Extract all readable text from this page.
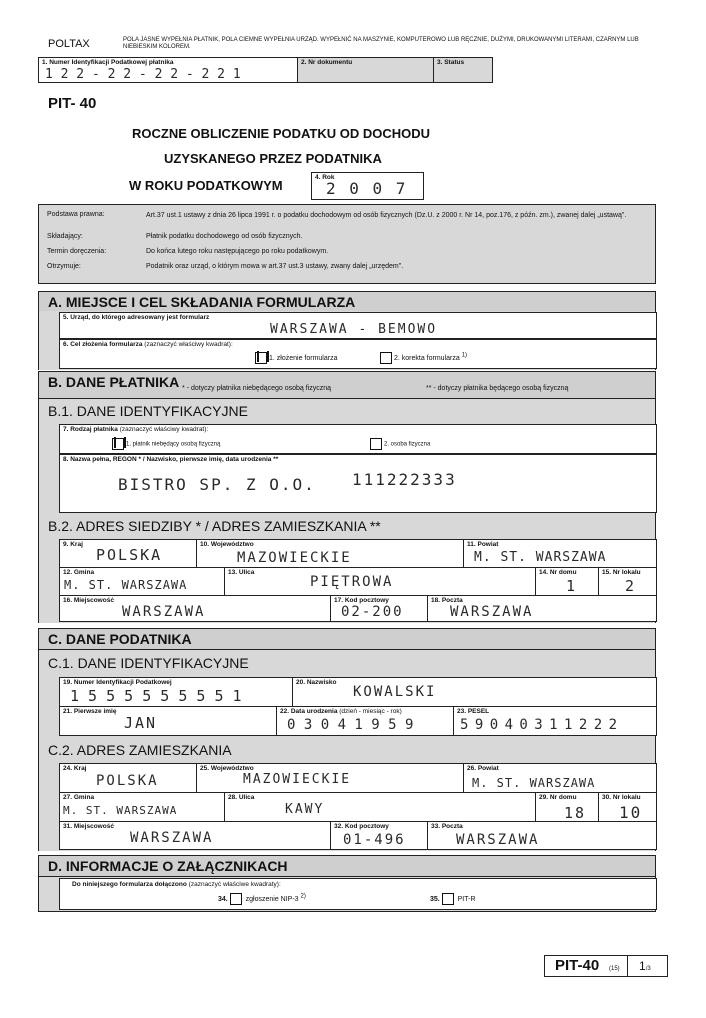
POLTAX	POLA JASNE WYPEŁNIA PŁATNIK, POLA CIEMNE WYPEŁNIA URZĄD. WYPEŁNIĆ NA MASZYNIE, KOMPUTEROWO LUB RĘCZNIE, DUŻYMI, DRUKOWANYMI LITERAMI, CZARNYM LUB NIEBIESKIM KOLOREM.
1. Numer Identyfikacji Podatkowej płatnika
1 2 2 - 2 2 - 2 2 - 2 2 1
2. Nr dokumentu	3. Status
PIT- 40
ROCZNE OBLICZENIE PODATKU OD DOCHODU
UZYSKANEGO PRZEZ PODATNIKA
W ROKU PODATKOWYM
4. Rok
2 0 0 7
Podstawa prawna:	Art.37 ust.1 ustawy z dnia 26 lipca 1991 r. o podatku dochodowym od osób fizycznych (Dz.U. z 2000 r. Nr 14, poz.176, z późn. zm.), zwanej dalej „ustawą".
Składający:	Płatnik podatku dochodowego od osób fizycznych.
Termin doręczenia:	Do końca lutego roku następującego po roku podatkowym.
Otrzymuje:	Podatnik oraz urząd, o którym mowa w art.37 ust.3 ustawy, zwany dalej „urzędem".
A. MIEJSCE I CEL SKŁADANIA FORMULARZA
5. Urząd, do którego adresowany jest formularz
WARSZAWA - BEMOWO
6. Cel złożenia formularza (zaznaczyć właściwy kwadrat):
1. złożenie formularza	2. korekta formularza $^{1)}$
B. DANE PŁATNIKA * - dotyczy płatnika niebędącego osobą fizyczną	** - dotyczy płatnika będącego osobą fizyczną
B.1. DANE IDENTYFIKACYJNE
7. Rodzaj płatnika (zaznaczyć właściwy kwadrat):
1. płatnik niebędący osobą fizyczną	2. osoba fizyczna
8. Nazwa pełna, REGON * / Nazwisko, pierwsze imię, data urodzenia **
BISTRO SP. Z O.O. 111222333
B.2. ADRES SIEDZIBY * / ADRES ZAMIESZKANIA **
9. Kraj
POLSKA
10. Województwo
MAZOWIECKIE
11. Powiat
M. ST. WARSZAWA
12. Gmina
M. ST. WARSZAWA
13. Ulica
PIĘTROWA
14. Nr domu
1
15. Nr lokalu
2
16. Miejscowość
WARSZAWA
17. Kod pocztowy
02-200
18. Poczta
WARSZAWA
C. DANE PODATNIKA
C.1. DANE IDENTYFIKACYJNE
19. Numer Identyfikacji Podatkowej
1 5 5 5 5 5 5 5 5 1
20. Nazwisko
KOWALSKI
21. Pierwsze imię
JAN
22. Data urodzenia (dzień - miesiąc - rok)
0 3 0 4 1 9 5 9
23. PESEL
5 9 0 4 0 3 1 1 2 2 2
C.2. ADRES ZAMIESZKANIA
24. Kraj
POLSKA
25. Województwo
MAZOWIECKIE
26. Powiat
M. ST. WARSZAWA
27. Gmina
M. ST. WARSZAWA
28. Ulica
KAWY
29. Nr domu
18
30. Nr lokalu
10
31. Miejscowość
WARSZAWA
32. Kod pocztowy
01-496
33. Poczta
WARSZAWA
D. INFORMACJE O ZAŁĄCZNIKACH
Do niniejszego formularza dołączono (zaznaczyć właściwe kwadraty):
34.	zgłoszenie NIP-3 $^{2)}$	35.	PIT-R
PIT-40 (15) 1/3
